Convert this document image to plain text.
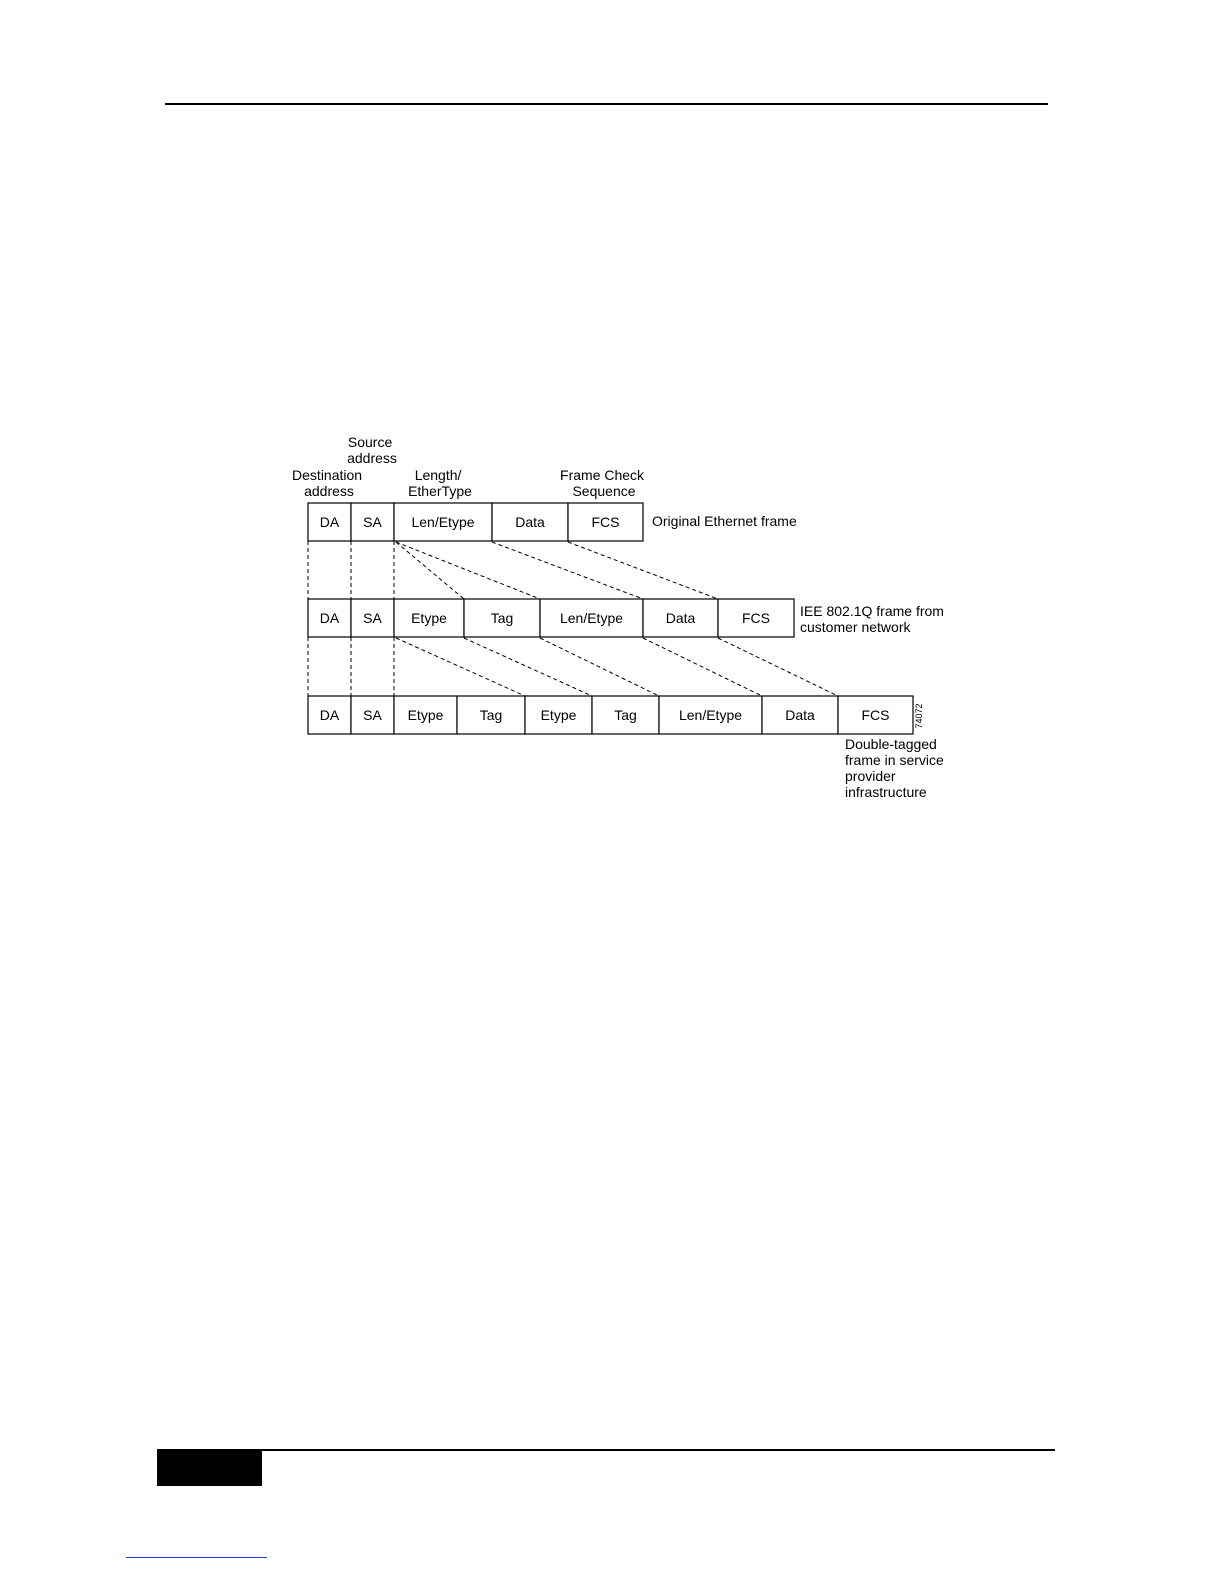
Source address
Destination address
Length/ EtherType
Frame Check Sequence
DA SA Len/Etype	Data	FCS
DA SA Etype	Tag	Len/Etype	Data	FCS
DA SA Etype	Tag	Etype	Tag	Len/Etype	Data	FCS
Original Ethernet frame
IEE 802.1Q frame from customer network
Double-tagged frame in service provider infrastructure
74072
